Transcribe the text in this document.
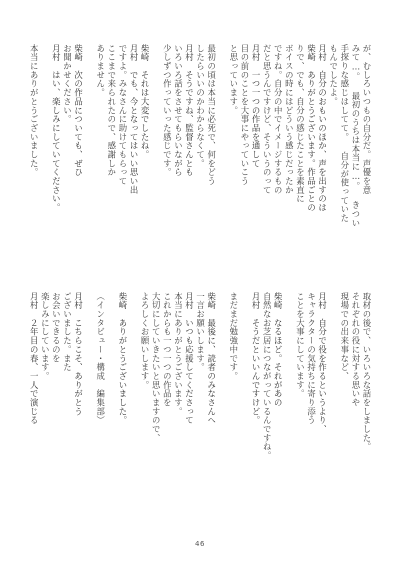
が、むしろいつもの自分だ。声優を意
みて…。 最初のうちは本当に…。 きつい
手探りな感じはしてて。 自分が使っていた
もんでしたよ。
月村　自分のおもいのほか、声を出すのは
柴崎　ありがとうございます。作品ごとの
りで、でも、自分の感じたことを素直に
ボイスの時にはどういう感じだったか
ですね。自分の中でイメージするもの
だと思うんですけど、そういうのって
月村　一つ一つの作品を通して
目の前のことを大事にやっていこう
と思っています。
最初の頃は本当に必死で、何をどう
したらいいのかわからなくて。
月村　そうですね、監督さんとも
いろいろ話をさせてもらいながら
少しずつ作っていった感じです。
柴崎　それは大変でしたね。
月村　でも、今となってはいい思い出
ですよ。みなさんに助けてもらって
ここまで来られたので、感謝しか
ありません。
柴崎　次の作品についても、ぜひ
お聞かせください。
月村　はい、楽しみにしていてください。
本当にありがとうございました。
取材の後で、いろいろな話をしました。
それぞれの役に対する思いや
現場での出来事など、
月村　自分で役を作るというより、
キャラクターの気持ちに寄り添う
ことを大事にしています。
柴崎　なるほど。それがあの
自然なお芝居につながっているんですね。
月村　そうだといいんですけど。
まだまだ勉強中です。
柴崎　最後に、読者のみなさんへ
一言お願いします。
月村　いつも応援してくださって
本当にありがとうございます。
これからも一つ一つの作品を
大切にしていきたいと思いますので、
よろしくお願いします。
柴崎　ありがとうございました。
（インタビュー・構成　編集部）
月村　こちらこそ、ありがとう
ございました。また
お会いできるのを
楽しみにしています。
月村　２年目の春、一人で演じる
46
